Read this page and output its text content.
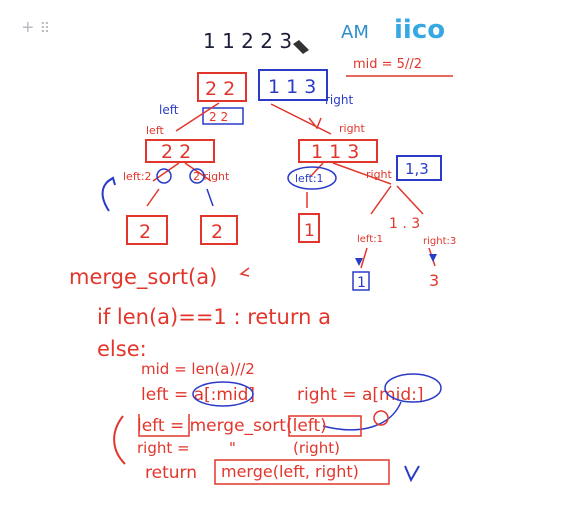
+ ⠿	AM iico
1 1 2 2 3
mid = 5//2
2 2 1 1 3
left
right
2 2
left	right
2 2	1 1 3
1,3
left:2	2 right	left:1	right
2	2	1	1 . 3
left:1	right:3
1	3
merge_sort(a)
if len(a)==1 : return a
else:
mid = len(a)//2
left = a[:mid] right = a[mid:]
left = merge_sort(left)
right =	"	(right)
return merge(left, right)
